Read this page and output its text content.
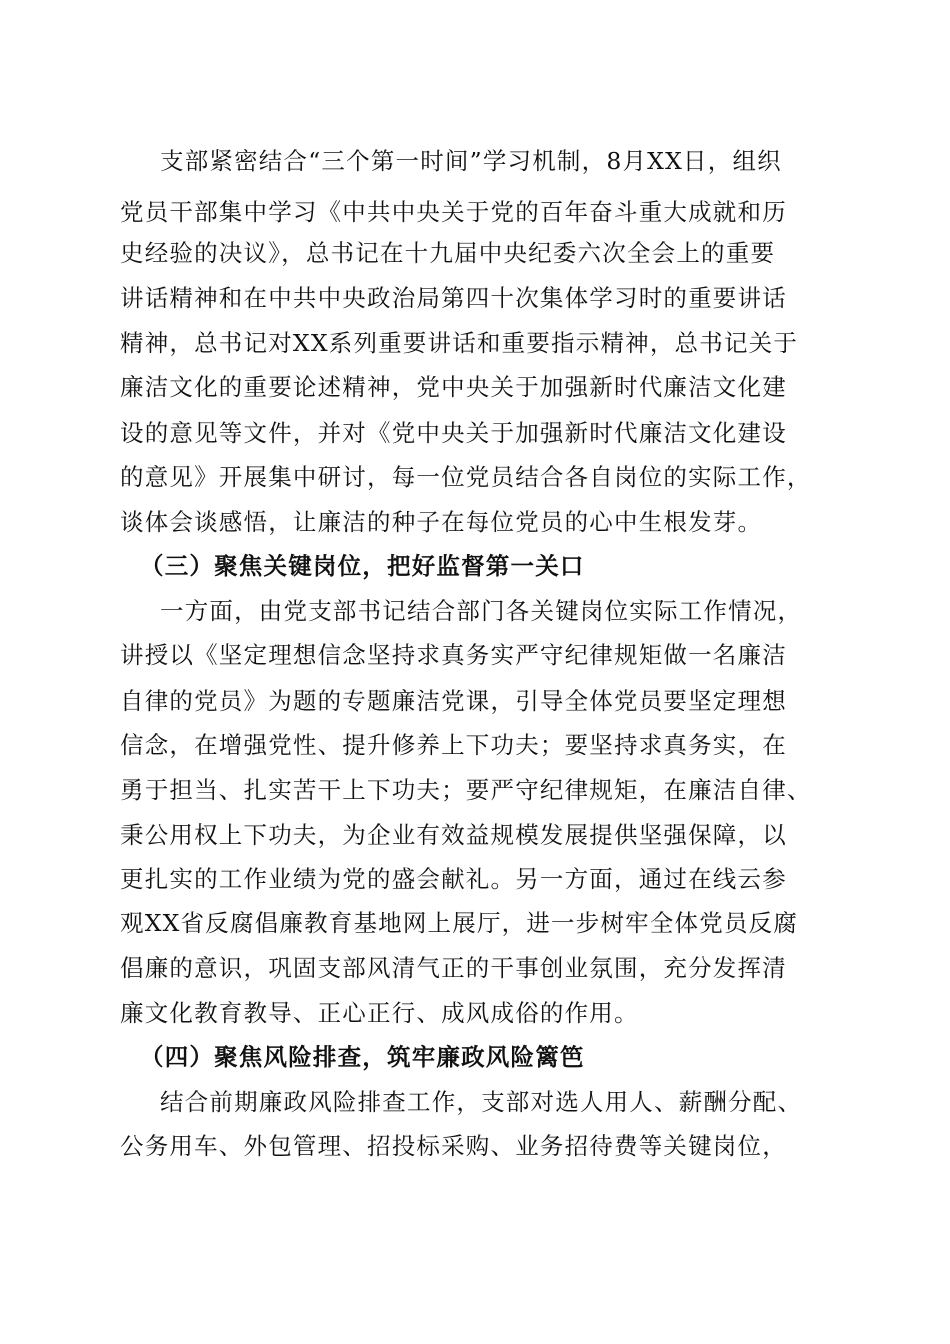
支部紧密结合“三个第一时间”学习机制，8月XX日，组织
党员干部集中学习《中共中央关于党的百年奋斗重大成就和历
史经验的决议》，总书记在十九届中央纪委六次全会上的重要
讲话精神和在中共中央政治局第四十次集体学习时的重要讲话
精神，总书记对XX系列重要讲话和重要指示精神，总书记关于
廉洁文化的重要论述精神，党中央关于加强新时代廉洁文化建
设的意见等文件，并对《党中央关于加强新时代廉洁文化建设
的意见》开展集中研讨，每一位党员结合各自岗位的实际工作，
谈体会谈感悟，让廉洁的种子在每位党员的心中生根发芽。
（三）聚焦关键岗位，把好监督第一关口
一方面，由党支部书记结合部门各关键岗位实际工作情况，
讲授以《坚定理想信念坚持求真务实严守纪律规矩做一名廉洁
自律的党员》为题的专题廉洁党课，引导全体党员要坚定理想
信念，在增强党性、提升修养上下功夫；要坚持求真务实，在
勇于担当、扎实苦干上下功夫；要严守纪律规矩，在廉洁自律、
秉公用权上下功夫，为企业有效益规模发展提供坚强保障，以
更扎实的工作业绩为党的盛会献礼。另一方面，通过在线云参
观XX省反腐倡廉教育基地网上展厅，进一步树牢全体党员反腐
倡廉的意识，巩固支部风清气正的干事创业氛围，充分发挥清
廉文化教育教导、正心正行、成风成俗的作用。
（四）聚焦风险排查，筑牢廉政风险篱笆
结合前期廉政风险排查工作，支部对选人用人、薪酬分配、
公务用车、外包管理、招投标采购、业务招待费等关键岗位，
